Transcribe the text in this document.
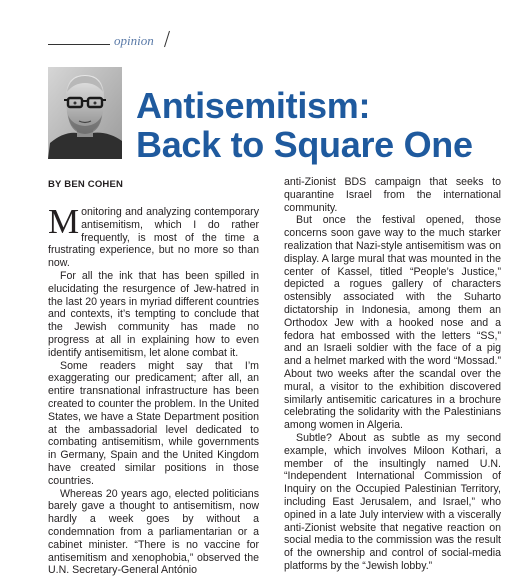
opinion
Antisemitism:
Back to Square One
BY BEN COHEN

Monitoring and analyzing contemporary antisemitism, which I do rather frequently, is most of the time a frustrating experience, but no more so than now.

For all the ink that has been spilled in elucidating the resurgence of Jew-hatred in the last 20 years in myriad different countries and contexts, it’s tempting to conclude that the Jewish community has made no progress at all in explaining how to even identify antisemitism, let alone combat it.

Some readers might say that I’m exaggerating our predicament; after all, an entire transnational infrastructure has been created to counter the problem. In the United States, we have a State Department position at the ambassadorial level dedicated to combating antisemitism, while governments in Germany, Spain and the United Kingdom have created similar positions in those countries.

Whereas 20 years ago, elected politicians barely gave a thought to antisemitism, now hardly a week goes by without a condemnation from a parliamentarian or a cabinet minister. “There is no vaccine for antisemitism and xenophobia,” observed the U.N. Secretary-General António

anti-Zionist BDS campaign that seeks to quarantine Israel from the international community.

But once the festival opened, those concerns soon gave way to the much starker realization that Nazi-style antisemitism was on display. A large mural that was mounted in the center of Kassel, titled “People’s Justice,” depicted a rogues gallery of characters ostensibly associated with the Suharto dictatorship in Indonesia, among them an Orthodox Jew with a hooked nose and a fedora hat embossed with the letters “SS,” and an Israeli soldier with the face of a pig and a helmet marked with the word “Mossad.” About two weeks after the scandal over the mural, a visitor to the exhibition discovered similarly antisemitic caricatures in a brochure celebrating the solidarity with the Palestinians among women in Algeria.

Subtle? About as subtle as my second example, which involves Miloon Kothari, a member of the insultingly named U.N. “Independent International Commission of Inquiry on the Occupied Palestinian Territory, including East Jerusalem, and Israel,” who opined in a late July interview with a viscerally anti-Zionist website that negative reaction on social media to the commission was the result of the ownership and control of social-media platforms by the “Jewish lobby.”
